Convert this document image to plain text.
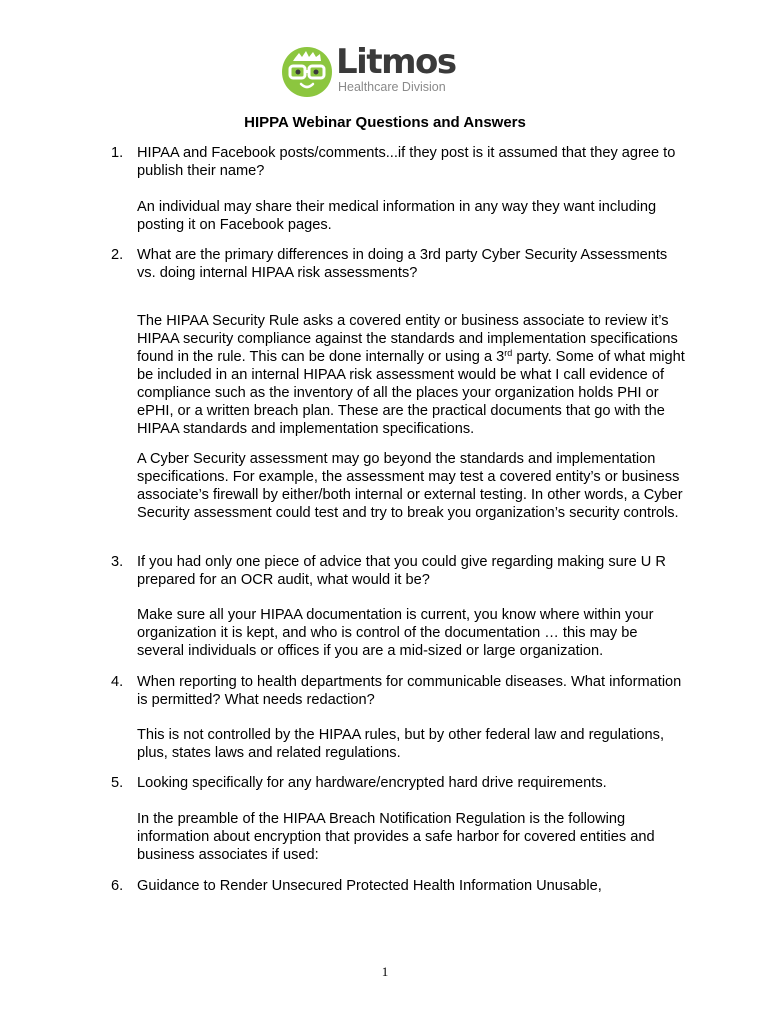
Litmos
Healthcare Division
HIPPA Webinar Questions and Answers
1. HIPAA and Facebook posts/comments...if they post is it assumed that they agree to publish their name?
An individual may share their medical information in any way they want including posting it on Facebook pages.
2. What are the primary differences in doing a 3rd party Cyber Security Assessments vs. doing internal HIPAA risk assessments?
The HIPAA Security Rule asks a covered entity or business associate to review it’s HIPAA security compliance against the standards and implementation specifications found in the rule. This can be done internally or using a 3rd party. Some of what might be included in an internal HIPAA risk assessment would be what I call evidence of compliance such as the inventory of all the places your organization holds PHI or ePHI, or a written breach plan. These are the practical documents that go with the HIPAA standards and implementation specifications.
A Cyber Security assessment may go beyond the standards and implementation specifications. For example, the assessment may test a covered entity’s or business associate’s firewall by either/both internal or external testing. In other words, a Cyber Security assessment could test and try to break you organization’s security controls.
3. If you had only one piece of advice that you could give regarding making sure U R prepared for an OCR audit, what would it be?
Make sure all your HIPAA documentation is current, you know where within your organization it is kept, and who is control of the documentation … this may be several individuals or offices if you are a mid-sized or large organization.
4. When reporting to health departments for communicable diseases. What information is permitted? What needs redaction?
This is not controlled by the HIPAA rules, but by other federal law and regulations, plus, states laws and related regulations.
5. Looking specifically for any hardware/encrypted hard drive requirements.
In the preamble of the HIPAA Breach Notification Regulation is the following information about encryption that provides a safe harbor for covered entities and business associates if used:
6. Guidance to Render Unsecured Protected Health Information Unusable,
1
